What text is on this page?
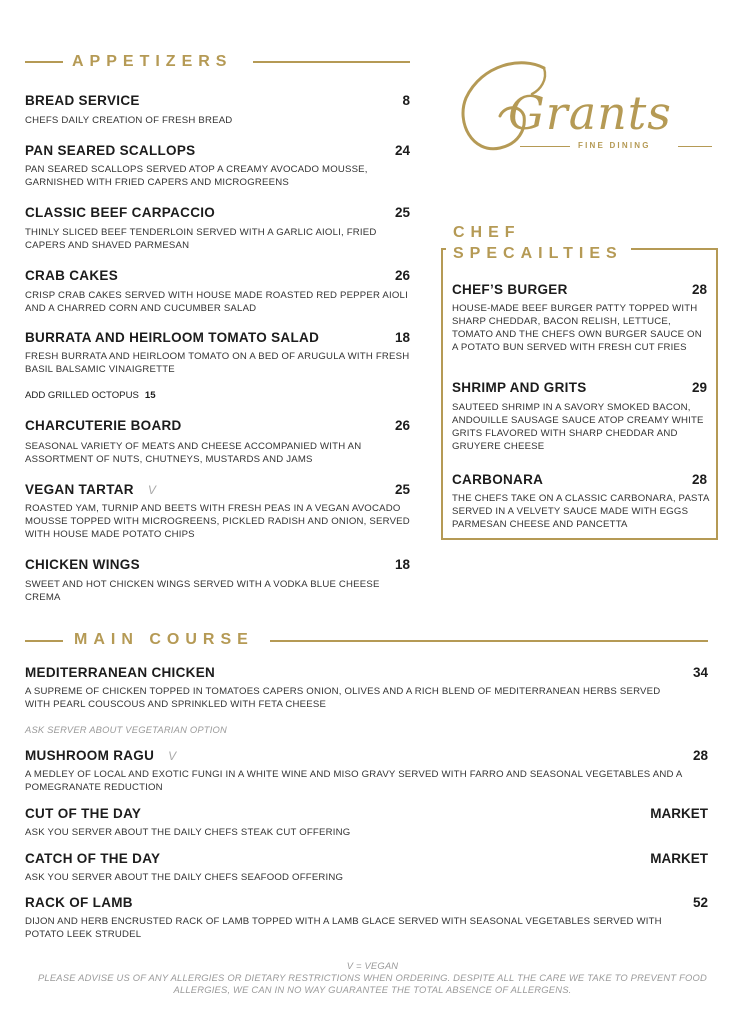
APPETIZERS
BREAD SERVICE	8
CHEFS DAILY CREATION OF FRESH BREAD
PAN SEARED SCALLOPS	24
PAN SEARED SCALLOPS SERVED ATOP A CREAMY AVOCADO MOUSSE, GARNISHED WITH FRIED CAPERS AND MICROGREENS
CLASSIC BEEF CARPACCIO	25
THINLY SLICED BEEF TENDERLOIN SERVED WITH A GARLIC AIOLI, FRIED CAPERS AND SHAVED PARMESAN
CRAB CAKES	26
CRISP CRAB CAKES SERVED WITH HOUSE MADE ROASTED RED PEPPER AIOLI AND A CHARRED CORN AND CUCUMBER SALAD
BURRATA AND HEIRLOOM TOMATO SALAD	18
FRESH BURRATA AND HEIRLOOM TOMATO ON A BED OF ARUGULA WITH FRESH BASIL BALSAMIC VINAIGRETTE
ADD GRILLED OCTOPUS 15
CHARCUTERIE BOARD	26
SEASONAL VARIETY OF MEATS AND CHEESE ACCOMPANIED WITH AN ASSORTMENT OF NUTS, CHUTNEYS, MUSTARDS AND JAMS
VEGAN TARTAR V	25
ROASTED YAM, TURNIP AND BEETS WITH FRESH PEAS IN A VEGAN AVOCADO MOUSSE TOPPED WITH MICROGREENS, PICKLED RADISH AND ONION, SERVED WITH HOUSE MADE POTATO CHIPS
CHICKEN WINGS	18
SWEET AND HOT CHICKEN WINGS SERVED WITH A VODKA BLUE CHEESE CREMA
Grants
FINE DINING
CHEF
SPECAILTIES
CHEF’S BURGER	28
HOUSE-MADE BEEF BURGER PATTY TOPPED WITH SHARP CHEDDAR, BACON RELISH, LETTUCE, TOMATO AND THE CHEFS OWN BURGER SAUCE ON A POTATO BUN SERVED WITH FRESH CUT FRIES
SHRIMP AND GRITS	29
SAUTEED SHRIMP IN A SAVORY SMOKED BACON, ANDOUILLE SAUSAGE SAUCE ATOP CREAMY WHITE GRITS FLAVORED WITH SHARP CHEDDAR AND GRUYERE CHEESE
CARBONARA	28
THE CHEFS TAKE ON A CLASSIC CARBONARA, PASTA SERVED IN A VELVETY SAUCE MADE WITH EGGS PARMESAN CHEESE AND PANCETTA
MAIN COURSE
MEDITERRANEAN CHICKEN	34
A SUPREME OF CHICKEN TOPPED IN TOMATOES CAPERS ONION, OLIVES AND A RICH BLEND OF MEDITERRANEAN HERBS SERVED WITH PEARL COUSCOUS AND SPRINKLED WITH FETA CHEESE
ASK SERVER ABOUT VEGETARIAN OPTION
MUSHROOM RAGU V	28
A MEDLEY OF LOCAL AND EXOTIC FUNGI IN A WHITE WINE AND MISO GRAVY SERVED WITH FARRO AND SEASONAL VEGETABLES AND A POMEGRANATE REDUCTION
CUT OF THE DAY	MARKET
ASK YOU SERVER ABOUT THE DAILY CHEFS STEAK CUT OFFERING
CATCH OF THE DAY	MARKET
ASK YOU SERVER ABOUT THE DAILY CHEFS SEAFOOD OFFERING
RACK OF LAMB	52
DIJON AND HERB ENCRUSTED RACK OF LAMB TOPPED WITH A LAMB GLACE SERVED WITH SEASONAL VEGETABLES SERVED WITH POTATO LEEK STRUDEL
V = VEGAN
PLEASE ADVISE US OF ANY ALLERGIES OR DIETARY RESTRICTIONS WHEN ORDERING. DESPITE ALL THE CARE WE TAKE TO PREVENT FOOD
ALLERGIES, WE CAN IN NO WAY GUARANTEE THE TOTAL ABSENCE OF ALLERGENS.
